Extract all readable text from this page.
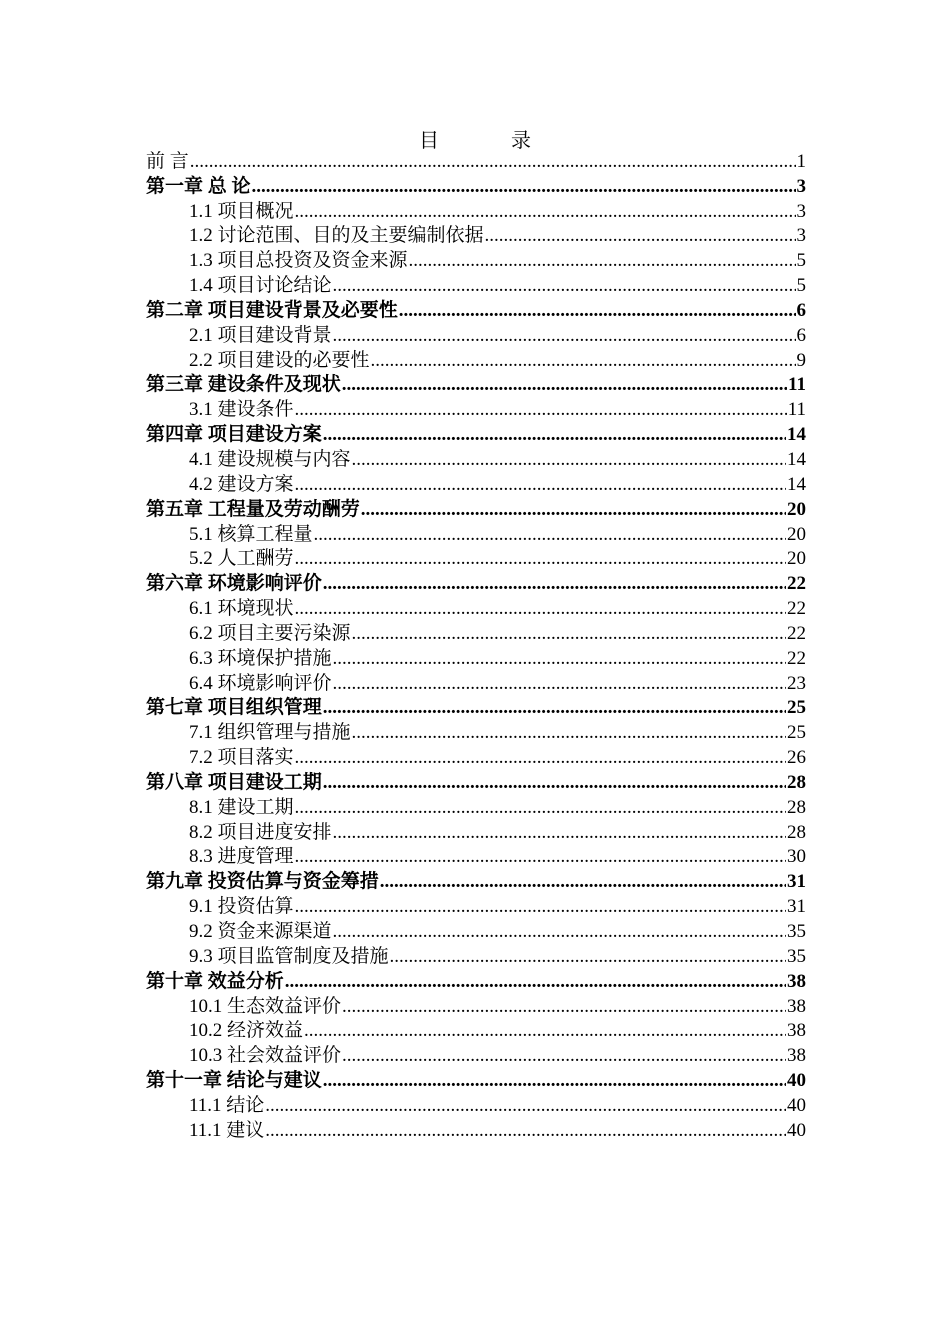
目　录
前 言 .....	1
第一章 总 论 .....	3
1.1 项目概况 .....	3
1.2 讨论范围、目的及主要编制依据 .....	3
1.3 项目总投资及资金来源 .....	5
1.4 项目讨论结论 .....	5
第二章 项目建设背景及必要性 .....	6
2.1 项目建设背景 .....	6
2.2 项目建设的必要性 .....	9
第三章 建设条件及现状 .....	11
3.1 建设条件 .....	11
第四章 项目建设方案 .....	14
4.1 建设规模与内容 .....	14
4.2 建设方案 .....	14
第五章 工程量及劳动酬劳 .....	20
5.1 核算工程量 .....	20
5.2 人工酬劳 .....	20
第六章 环境影响评价 .....	22
6.1 环境现状 .....	22
6.2 项目主要污染源 .....	22
6.3 环境保护措施 .....	22
6.4 环境影响评价 .....	23
第七章 项目组织管理 .....	25
7.1 组织管理与措施 .....	25
7.2 项目落实 .....	26
第八章 项目建设工期 .....	28
8.1 建设工期 .....	28
8.2 项目进度安排 .....	28
8.3 进度管理 .....	30
第九章 投资估算与资金筹措 .....	31
9.1 投资估算 .....	31
9.2 资金来源渠道 .....	35
9.3 项目监管制度及措施 .....	35
第十章 效益分析 .....	38
10.1 生态效益评价 .....	38
10.2 经济效益 .....	38
10.3 社会效益评价 .....	38
第十一章 结论与建议 .....	40
11.1 结论 .....	40
11.1 建议 .....	40
